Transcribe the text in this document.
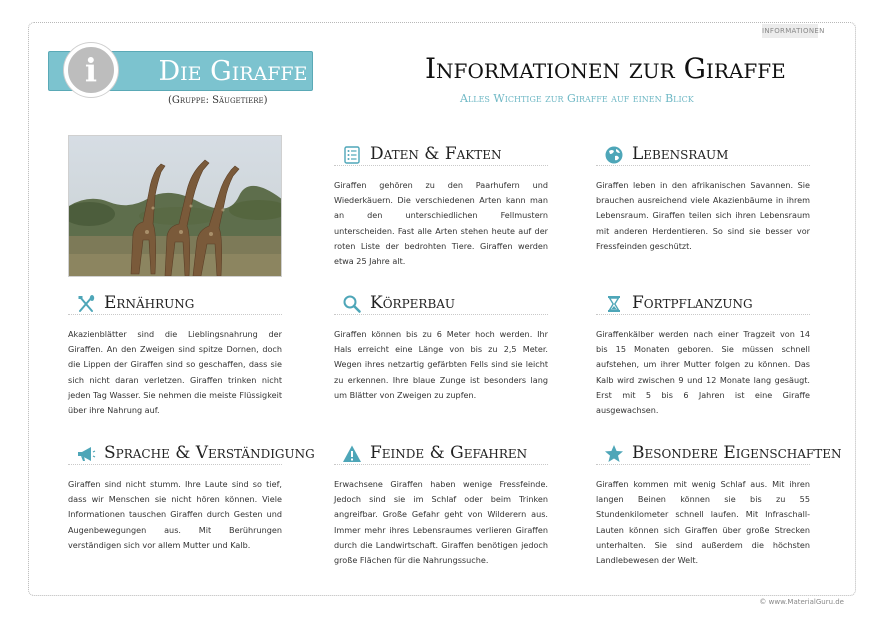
INFORMATIONEN
Die Giraffe
i
(Gruppe: Säugetiere)
Informationen zur Giraffe
Alles Wichtige zur Giraffe auf einen Blick
Daten & Fakten
Giraffen gehören zu den Paarhufern und Wiederkäuern. Die verschiedenen Arten kann man an den unterschiedlichen Fellmustern unterscheiden. Fast alle Arten stehen heute auf der roten Liste der bedrohten Tiere. Giraffen werden etwa 25 Jahre alt.
Lebensraum
Giraffen leben in den afrikanischen Savannen. Sie brauchen ausreichend viele Akazienbäume in ihrem Lebensraum. Giraffen teilen sich ihren Lebensraum mit anderen Herdentieren. So sind sie besser vor Fressfeinden geschützt.
Ernährung
Akazienblätter sind die Lieblingsnahrung der Giraffen. An den Zweigen sind spitze Dornen, doch die Lippen der Giraffen sind so geschaffen, dass sie sich nicht daran verletzen. Giraffen trinken nicht jeden Tag Wasser. Sie nehmen die meiste Flüssigkeit über ihre Nahrung auf.
Körperbau
Giraffen können bis zu 6 Meter hoch werden. Ihr Hals erreicht eine Länge von bis zu 2,5 Meter. Wegen ihres netzartig gefärbten Fells sind sie leicht zu erkennen. Ihre blaue Zunge ist besonders lang um Blätter von Zweigen zu zupfen.
Fortpflanzung
Giraffenkälber werden nach einer Tragzeit von 14 bis 15 Monaten geboren. Sie müssen schnell aufstehen, um ihrer Mutter folgen zu können. Das Kalb wird zwischen 9 und 12 Monate lang gesäugt. Erst mit 5 bis 6 Jahren ist eine Giraffe ausgewachsen.
Sprache & Verständigung
Giraffen sind nicht stumm. Ihre Laute sind so tief, dass wir Menschen sie nicht hören können. Viele Informationen tauschen Giraffen durch Gesten und Augenbewegungen aus. Mit Berührungen verständigen sich vor allem Mutter und Kalb.
Feinde & Gefahren
Erwachsene Giraffen haben wenige Fressfeinde. Jedoch sind sie im Schlaf oder beim Trinken angreifbar. Große Gefahr geht von Wilderern aus. Immer mehr ihres Lebensraumes verlieren Giraffen durch die Landwirtschaft. Giraffen benötigen jedoch große Flächen für die Nahrungssuche.
Besondere Eigenschaften
Giraffen kommen mit wenig Schlaf aus. Mit ihren langen Beinen können sie bis zu 55 Stundenkilometer schnell laufen. Mit Infraschall-Lauten können sich Giraffen über große Strecken unterhalten. Sie sind außerdem die höchsten Landlebewesen der Welt.
© www.MaterialGuru.de
